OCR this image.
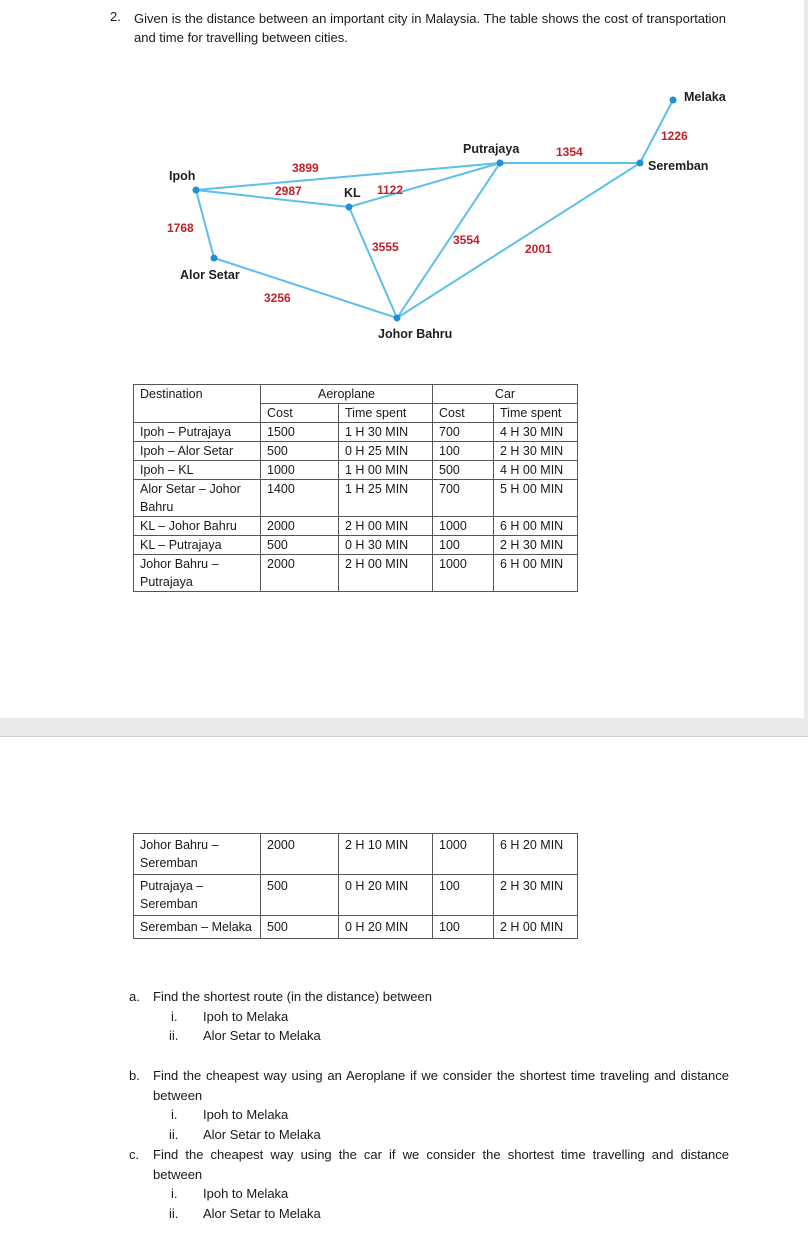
2. Given is the distance between an important city in Malaysia. The table shows the cost of transportation and time for travelling between cities.
Melaka
Putrajaya
Seremban
Ipoh
KL
Alor Setar
Johor Bahru
3899
2987	1122
1354
1226
1768
3555	3554
2001
3256
Destination	Aeroplane		Car	
	Cost	Time spent	Cost	Time spent
Ipoh – Putrajaya	1500	1 H 30 MIN	700	4 H 30 MIN
Ipoh – Alor Setar	500	0 H 25 MIN	100	2 H 30 MIN
Ipoh – KL	1000	1 H 00 MIN	500	4 H 00 MIN
Alor Setar – Johor Bahru	1400	1 H 25 MIN	700	5 H 00 MIN
KL – Johor Bahru	2000	2 H 00 MIN	1000	6 H 00 MIN
KL – Putrajaya	500	0 H 30 MIN	100	2 H 30 MIN
Johor Bahru – Putrajaya	2000	2 H 00 MIN	1000	6 H 00 MIN
Johor Bahru – Seremban	2000	2 H 10 MIN	1000	6 H 20 MIN
Putrajaya – Seremban	500	0 H 20 MIN	100	2 H 30 MIN
Seremban – Melaka	500	0 H 20 MIN	100	2 H 00 MIN
a. Find the shortest route (in the distance) between
i. Ipoh to Melaka
ii. Alor Setar to Melaka
b. Find the cheapest way using an Aeroplane if we consider the shortest time traveling and distance between
i. Ipoh to Melaka
ii. Alor Setar to Melaka
c. Find the cheapest way using the car if we consider the shortest time travelling and distance between
i. Ipoh to Melaka
ii. Alor Setar to Melaka
